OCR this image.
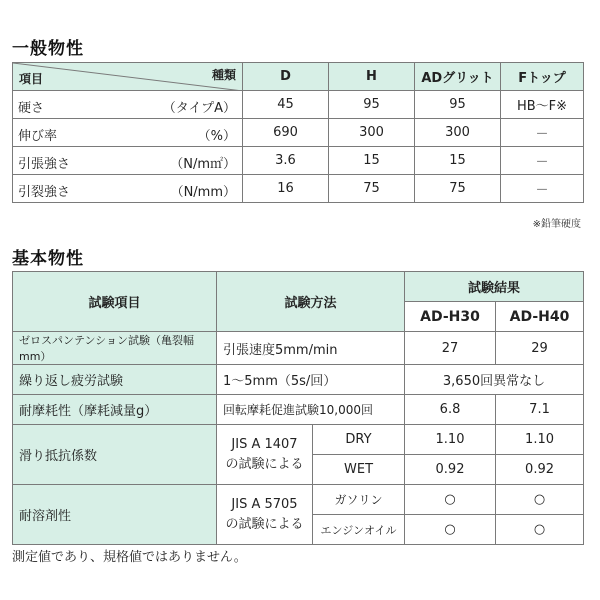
一般物性
項目 種類	D	H	ADグリット	Fトップ

硬さ （タイプA）	45	95	95	HB～F※

伸び率 （%）	690	300	300	－

引張強さ （N/m㎡）	3.6	15	15	－

引裂強さ （N/mm）	16	75	75	－
※鉛筆硬度
基本物性
試験項目	試験方法		試験結果	
			AD-H30	AD-H40
ゼロスパンテンション試験（亀裂幅mm）	引張速度5mm/min		27	29
繰り返し疲労試験	1～5mm（5s/回）		3,650回異常なし	
耐摩耗性（摩耗減量g）	回転摩耗促進試験10,000回		6.8	7.1
滑り抵抗係数	JIS A 1407
の試験による	DRY	1.10	1.10
		WET	0.92	0.92
耐溶剤性	JIS A 5705
の試験による	ガソリン	○	○
		エンジンオイル	○	○
測定値であり、規格値ではありません。
